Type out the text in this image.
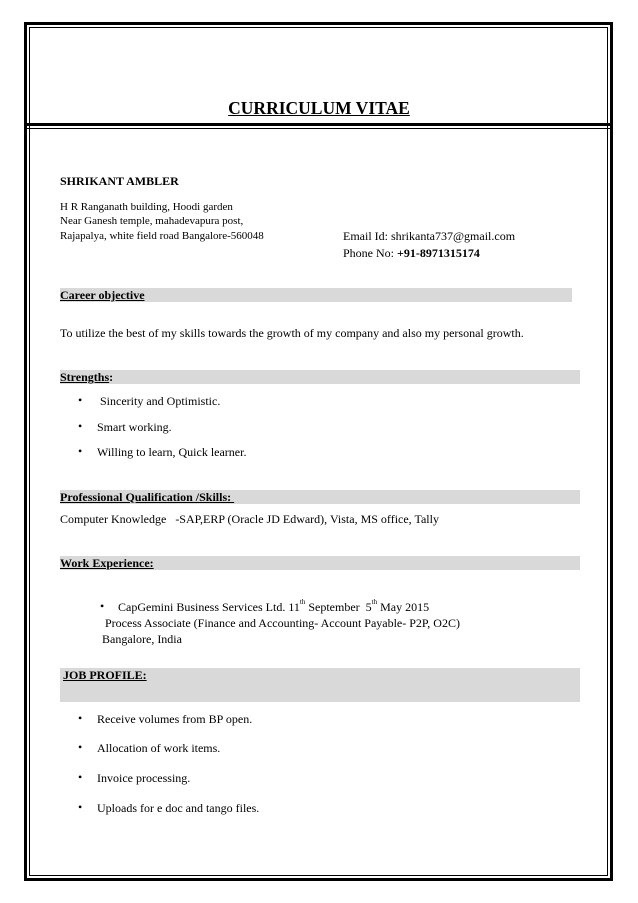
CURRICULUM VITAE
SHRIKANT AMBLER
H R Ranganath building, Hoodi garden
Near Ganesh temple, mahadevapura post,
Rajapalya, white field road Bangalore-560048	Email Id: shrikanta737@gmail.com
Phone No: +91-8971315174
Career objective
To utilize the best of my skills towards the growth of my company and also my personal growth.
Strengths:
• Sincerity and Optimistic.
• Smart working.
• Willing to learn, Quick learner.
Professional Qualification /Skills:
Computer Knowledge   -SAP,ERP (Oracle JD Edward), Vista, MS office, Tally
Work Experience:
• CapGemini Business Services Ltd. 11th September  5th May 2015
Process Associate (Finance and Accounting- Account Payable- P2P, O2C)
Bangalore, India
JOB PROFILE:
• Receive volumes from BP open.
• Allocation of work items.
• Invoice processing.
• Uploads for e doc and tango files.
